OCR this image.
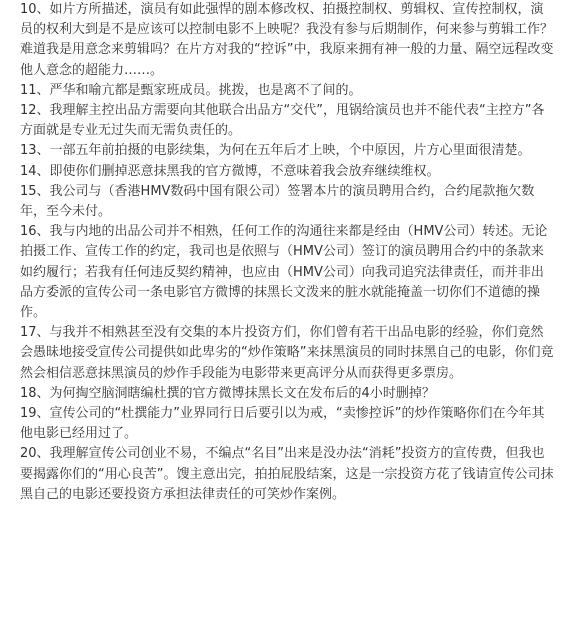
10、如片方所描述，演员有如此强悍的剧本修改权、拍摄控制权、剪辑权、宣传控制权，演员的权利大到是不是应该可以控制电影不上映呢？我没有参与后期制作，何来参与剪辑工作？难道我是用意念来剪辑吗？在片方对我的“控诉”中，我原来拥有神一般的力量、隔空远程改变他人意念的超能力……。

11、严华和喻亢都是甄家班成员。挑拨，也是离不了间的。

12、我理解主控出品方需要向其他联合出品方“交代”，甩锅给演员也并不能代表“主控方”各方面就是专业无过失而无需负责任的。

13、一部五年前拍摄的电影续集，为何在五年后才上映，个中原因，片方心里面很清楚。

14、即使你们删掉恶意抹黑我的官方微博，不意味着我会放弃继续维权。

15、我公司与（香港HMV数码中国有限公司）签署本片的演员聘用合约，合约尾款拖欠数年，至今未付。

16、我与内地的出品公司并不相熟，任何工作的沟通往来都是经由（HMV公司）转述。无论拍摄工作、宣传工作的约定，我司也是依照与（HMV公司）签订的演员聘用合约中的条款来如约履行；若我有任何违反契约精神，也应由（HMV公司）向我司追究法律责任，而并非出品方委派的宣传公司一条电影官方微博的抹黑长文泼来的脏水就能掩盖一切你们不道德的操作。

17、与我并不相熟甚至没有交集的本片投资方们，你们曾有若干出品电影的经验，你们竟然会愚昧地接受宣传公司提供如此卑劣的“炒作策略”来抹黑演员的同时抹黑自己的电影，你们竟然会相信恶意抹黑演员的炒作手段能为电影带来更高评分从而获得更多票房。

18、为何掏空脑洞瞎编杜撰的官方微博抹黑长文在发布后的4小时删掉？

19、宣传公司的“杜撰能力”业界同行日后要引以为戒，“卖惨控诉”的炒作策略你们在今年其他电影已经用过了。

20、我理解宣传公司创业不易，不编点“名目”出来是没办法“消耗”投资方的宣传费，但我也要揭露你们的“用心良苦”。馊主意出完，拍拍屁股结案，这是一宗投资方花了钱请宣传公司抹黑自己的电影还要投资方承担法律责任的可笑炒作案例。
